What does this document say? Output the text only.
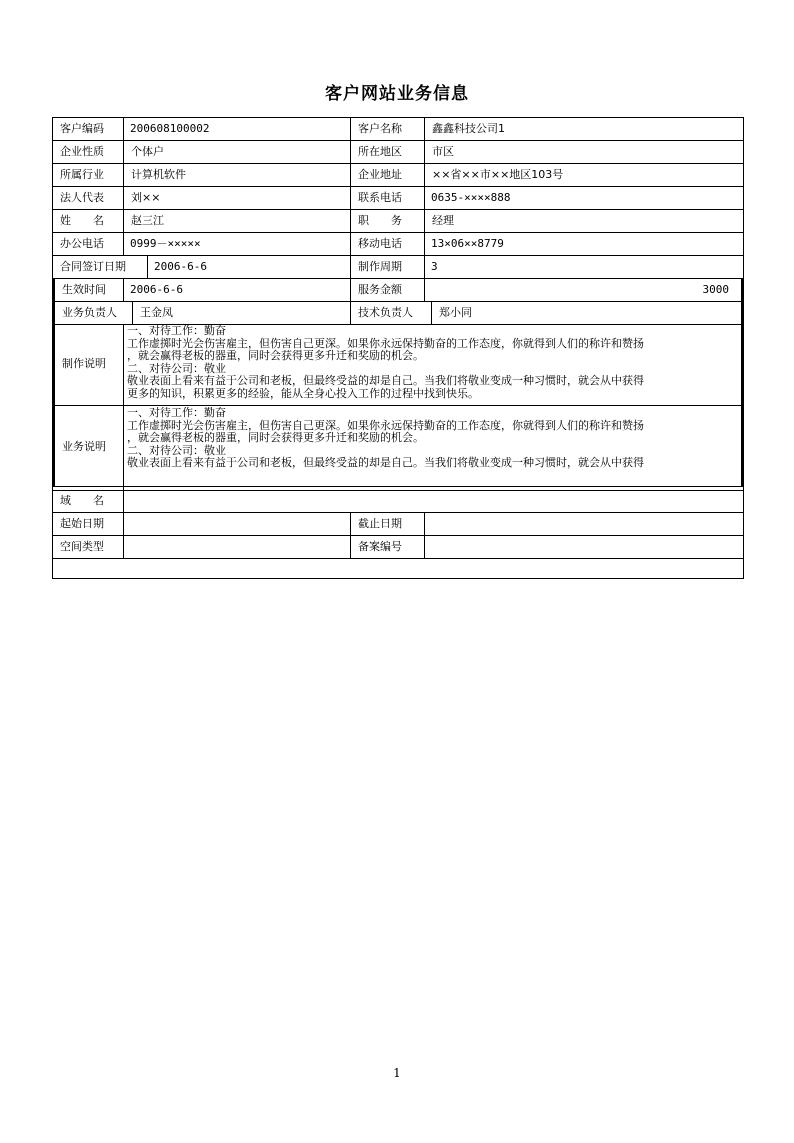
客户网站业务信息
客户编码	200608100002	客户名称	鑫鑫科技公司1
企业性质	个体户	所在地区	市区
所属行业	计算机软件	企业地址	××省××市××地区103号
法人代表	刘××	联系电话	0635-××××888
姓　　名	赵三江	职　　务	经理
办公电话	0999－×××××	移动电话	13×06××8779
合同签订日期	2006-6-6	制作周期	3
生效时间	2006-6-6	服务金额	3000
业务负责人	王金凤	技术负责人	郑小同
制作说明
一、对待工作：勤奋
工作虚掷时光会伤害雇主，但伤害自己更深。如果你永远保持勤奋的工作态度，你就得到人们的称许和赞扬
，就会赢得老板的器重，同时会获得更多升迁和奖励的机会。
二、对待公司：敬业
敬业表面上看来有益于公司和老板，但最终受益的却是自己。当我们将敬业变成一种习惯时，就会从中获得
更多的知识，积累更多的经验，能从全身心投入工作的过程中找到快乐。
业务说明
一、对待工作：勤奋
工作虚掷时光会伤害雇主，但伤害自己更深。如果你永远保持勤奋的工作态度，你就得到人们的称许和赞扬
，就会赢得老板的器重，同时会获得更多升迁和奖励的机会。
二、对待公司：敬业
敬业表面上看来有益于公司和老板，但最终受益的却是自己。当我们将敬业变成一种习惯时，就会从中获得
域　　名
起始日期	截止日期
空间类型	备案编号
1
